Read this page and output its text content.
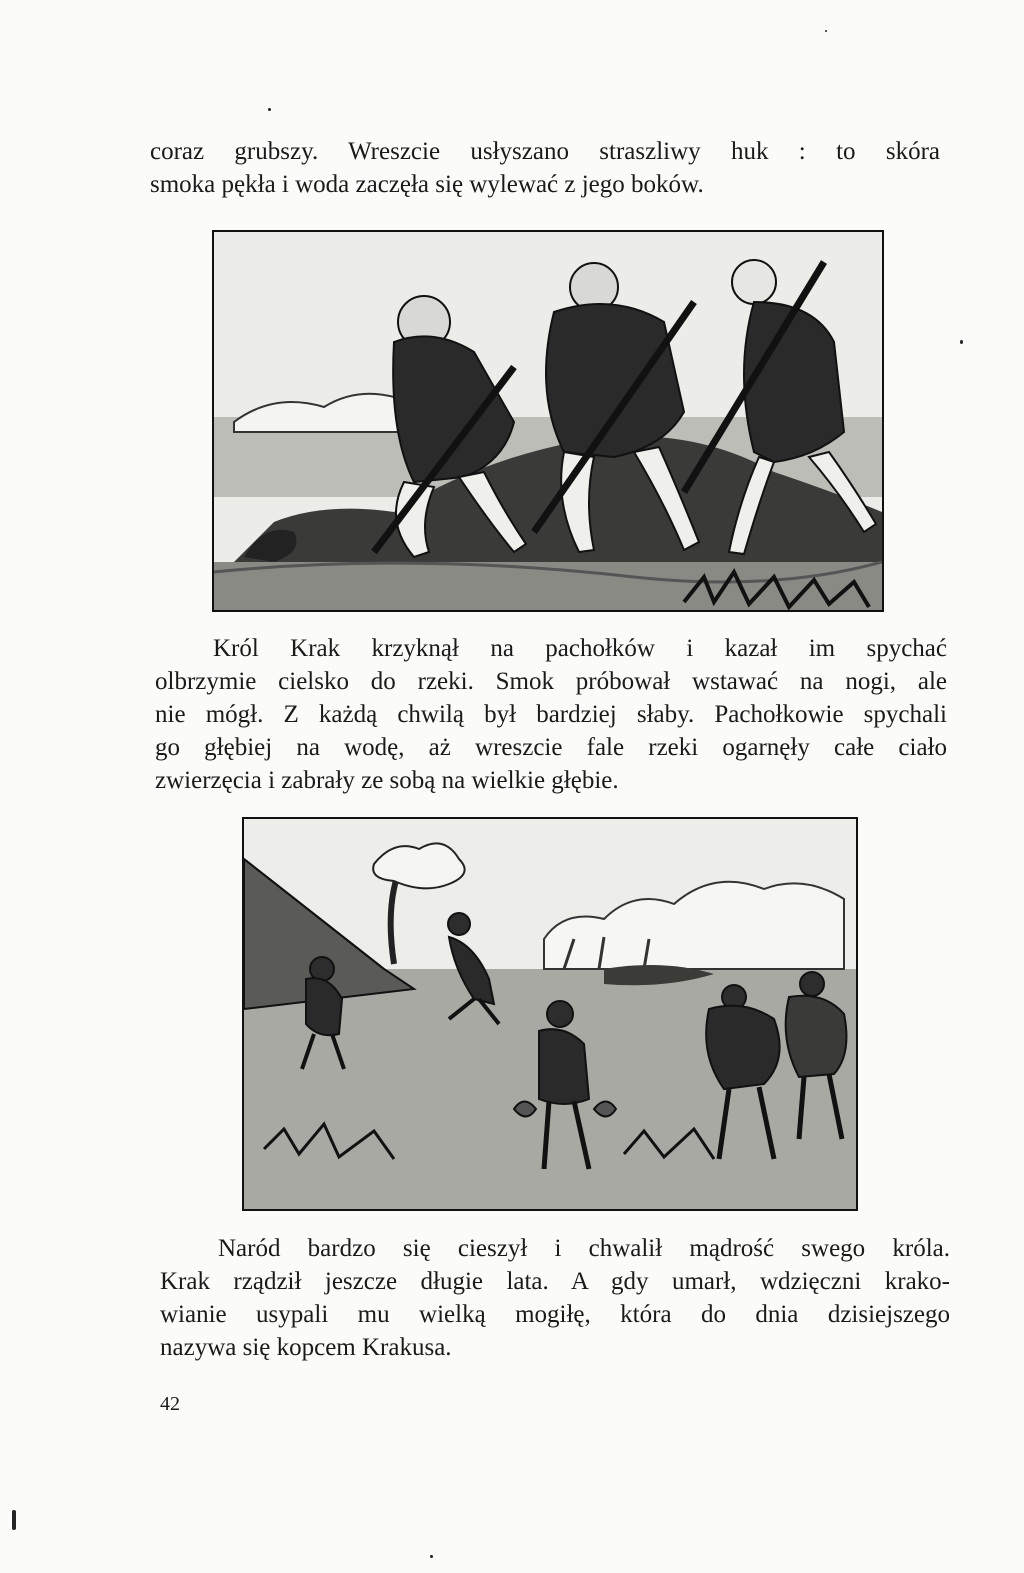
coraz grubszy. Wreszcie usłyszano straszliwy huk : to skóra
smoka pękła i woda zaczęła się wylewać z jego boków.

Król Krak krzyknął na pachołków i kazał im spychać
olbrzymie cielsko do rzeki. Smok próbował wstawać na nogi, ale
nie mógł. Z każdą chwilą był bardziej słaby. Pachołkowie spychali
go głębiej na wodę, aż wreszcie fale rzeki ogarnęły całe ciało
zwierzęcia i zabrały ze sobą na wielkie głębie.

Naród bardzo się cieszył i chwalił mądrość swego króla.
Krak rządził jeszcze długie lata. A gdy umarł, wdzięczni krako-
wianie usypali mu wielką mogiłę, która do dnia dzisiejszego
nazywa się kopcem Krakusa.

42
